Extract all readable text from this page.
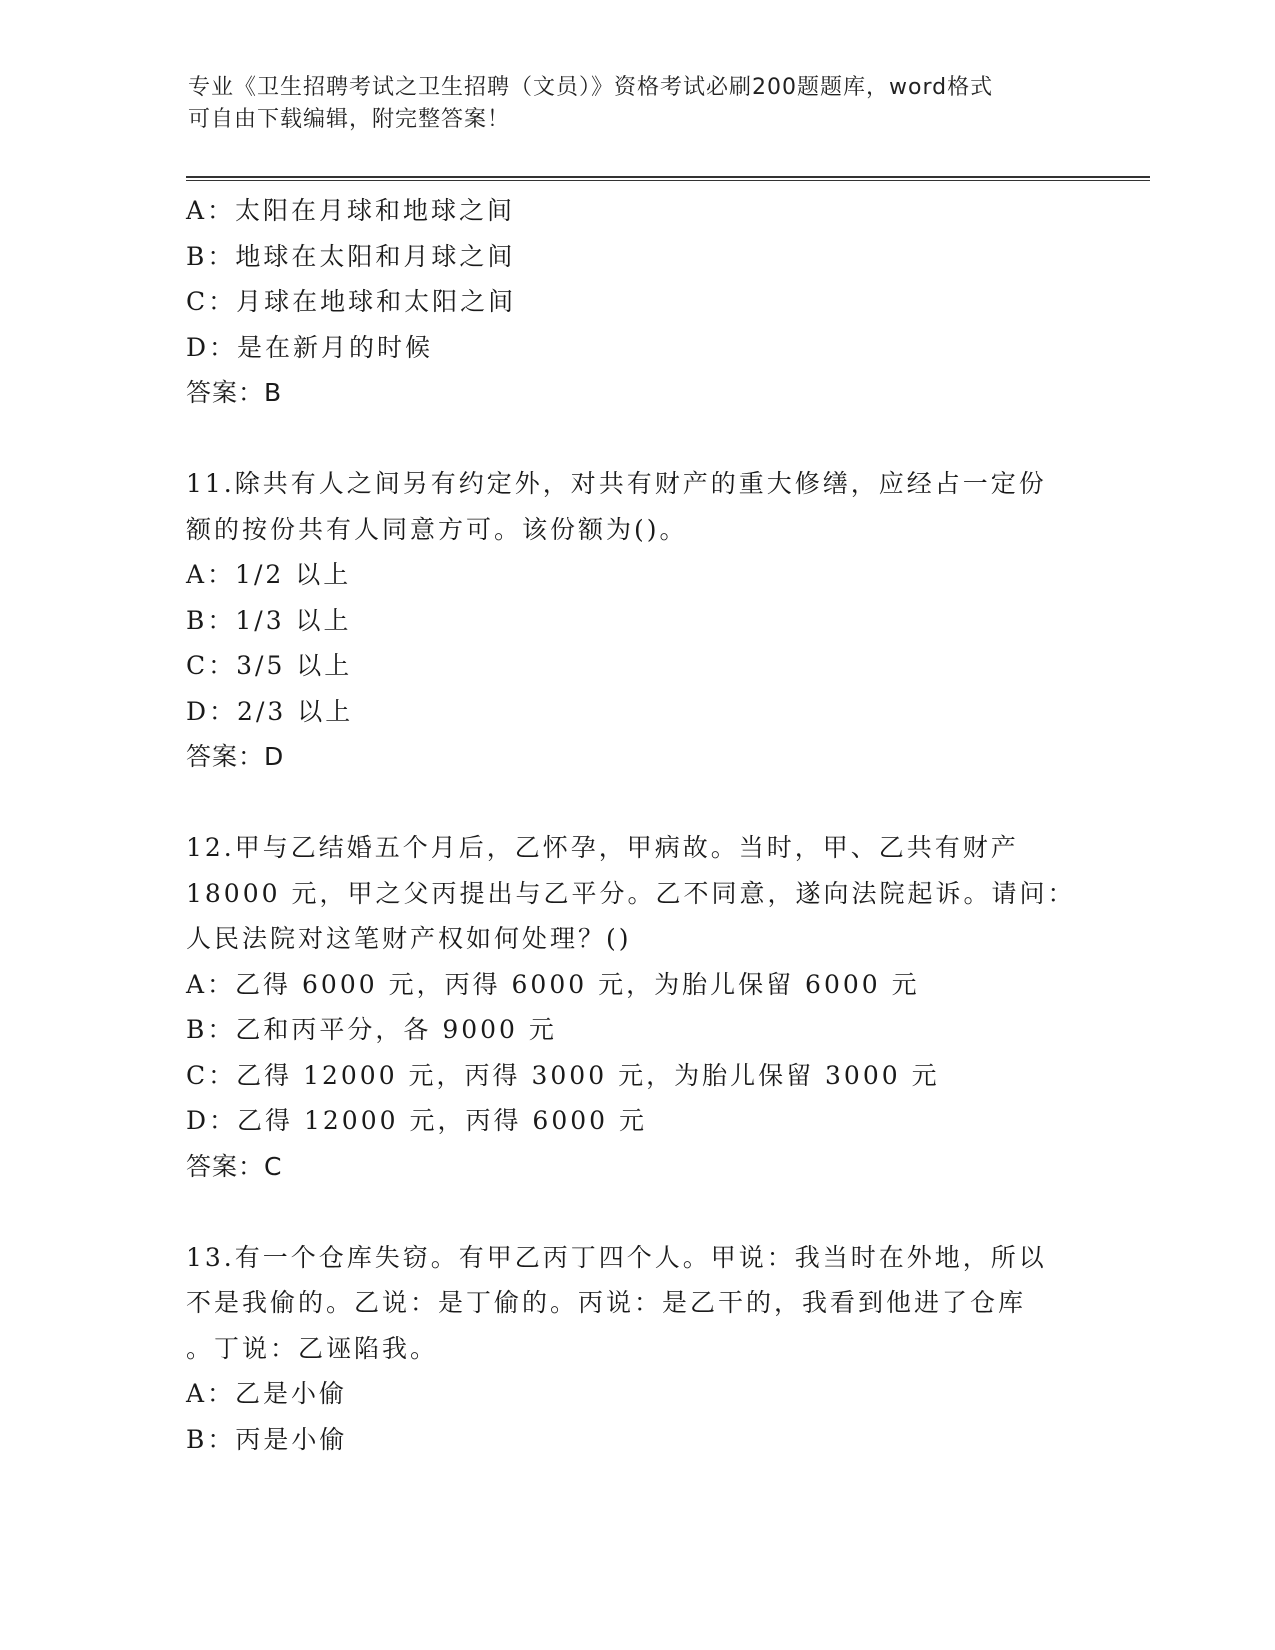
专业《卫生招聘考试之卫生招聘（文员）》资格考试必刷200题题库，word格式
可自由下载编辑，附完整答案！
A：太阳在月球和地球之间
B：地球在太阳和月球之间
C：月球在地球和太阳之间
D：是在新月的时候
答案：B
11.除共有人之间另有约定外，对共有财产的重大修缮，应经占一定份
额的按份共有人同意方可。该份额为()。
A：1/2 以上
B：1/3 以上
C：3/5 以上
D：2/3 以上
答案：D
12.甲与乙结婚五个月后，乙怀孕，甲病故。当时，甲、乙共有财产
18000 元，甲之父丙提出与乙平分。乙不同意，遂向法院起诉。请问：
人民法院对这笔财产权如何处理？()
A：乙得 6000 元，丙得 6000 元，为胎儿保留 6000 元
B：乙和丙平分，各 9000 元
C：乙得 12000 元，丙得 3000 元，为胎儿保留 3000 元
D：乙得 12000 元，丙得 6000 元
答案：C
13.有一个仓库失窃。有甲乙丙丁四个人。甲说：我当时在外地，所以
不是我偷的。乙说：是丁偷的。丙说：是乙干的，我看到他进了仓库
。丁说：乙诬陷我。
A：乙是小偷
B：丙是小偷
